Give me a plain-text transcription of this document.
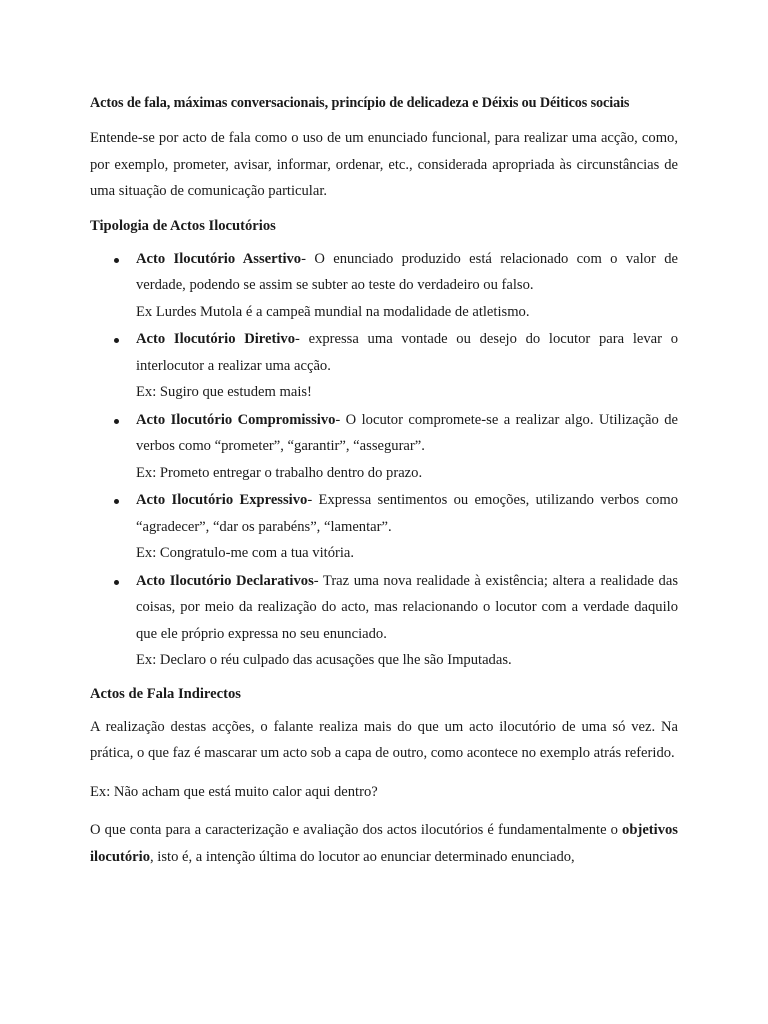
Actos de fala, máximas conversacionais, princípio de delicadeza e Déixis ou Déiticos sociais

Entende-se por acto de fala como o uso de um enunciado funcional, para realizar uma acção, como, por exemplo, prometer, avisar, informar, ordenar, etc., considerada apropriada às circunstâncias de uma situação de comunicação particular.

Tipologia de Actos Ilocutórios
Acto Ilocutório Assertivo- O enunciado produzido está relacionado com o valor de verdade, podendo se assim se subter ao teste do verdadeiro ou falso.
Ex Lurdes Mutola é a campeã mundial na modalidade de atletismo.
Acto Ilocutório Diretivo- expressa uma vontade ou desejo do locutor para levar o interlocutor a realizar uma acção.
Ex: Sugiro que estudem mais!
Acto Ilocutório Compromissivo- O locutor compromete-se a realizar algo. Utilização de verbos como “prometer”, “garantir”, “assegurar”.
Ex: Prometo entregar o trabalho dentro do prazo.
Acto Ilocutório Expressivo- Expressa sentimentos ou emoções, utilizando verbos como “agradecer”, “dar os parabéns”, “lamentar”.
Ex: Congratulo-me com a tua vitória.
Acto Ilocutório Declarativos- Traz uma nova realidade à existência; altera a realidade das coisas, por meio da realização do acto, mas relacionando o locutor com a verdade daquilo que ele próprio expressa no seu enunciado.
Ex: Declaro o réu culpado das acusações que lhe são Imputadas.
Actos de Fala Indirectos

A realização destas acções, o falante realiza mais do que um acto ilocutório de uma só vez. Na prática, o que faz é mascarar um acto sob a capa de outro, como acontece no exemplo atrás referido.

Ex: Não acham que está muito calor aqui dentro?

O que conta para a caracterização e avaliação dos actos ilocutórios é fundamentalmente o objetivos ilocutório, isto é, a intenção última do locutor ao enunciar determinado enunciado,
